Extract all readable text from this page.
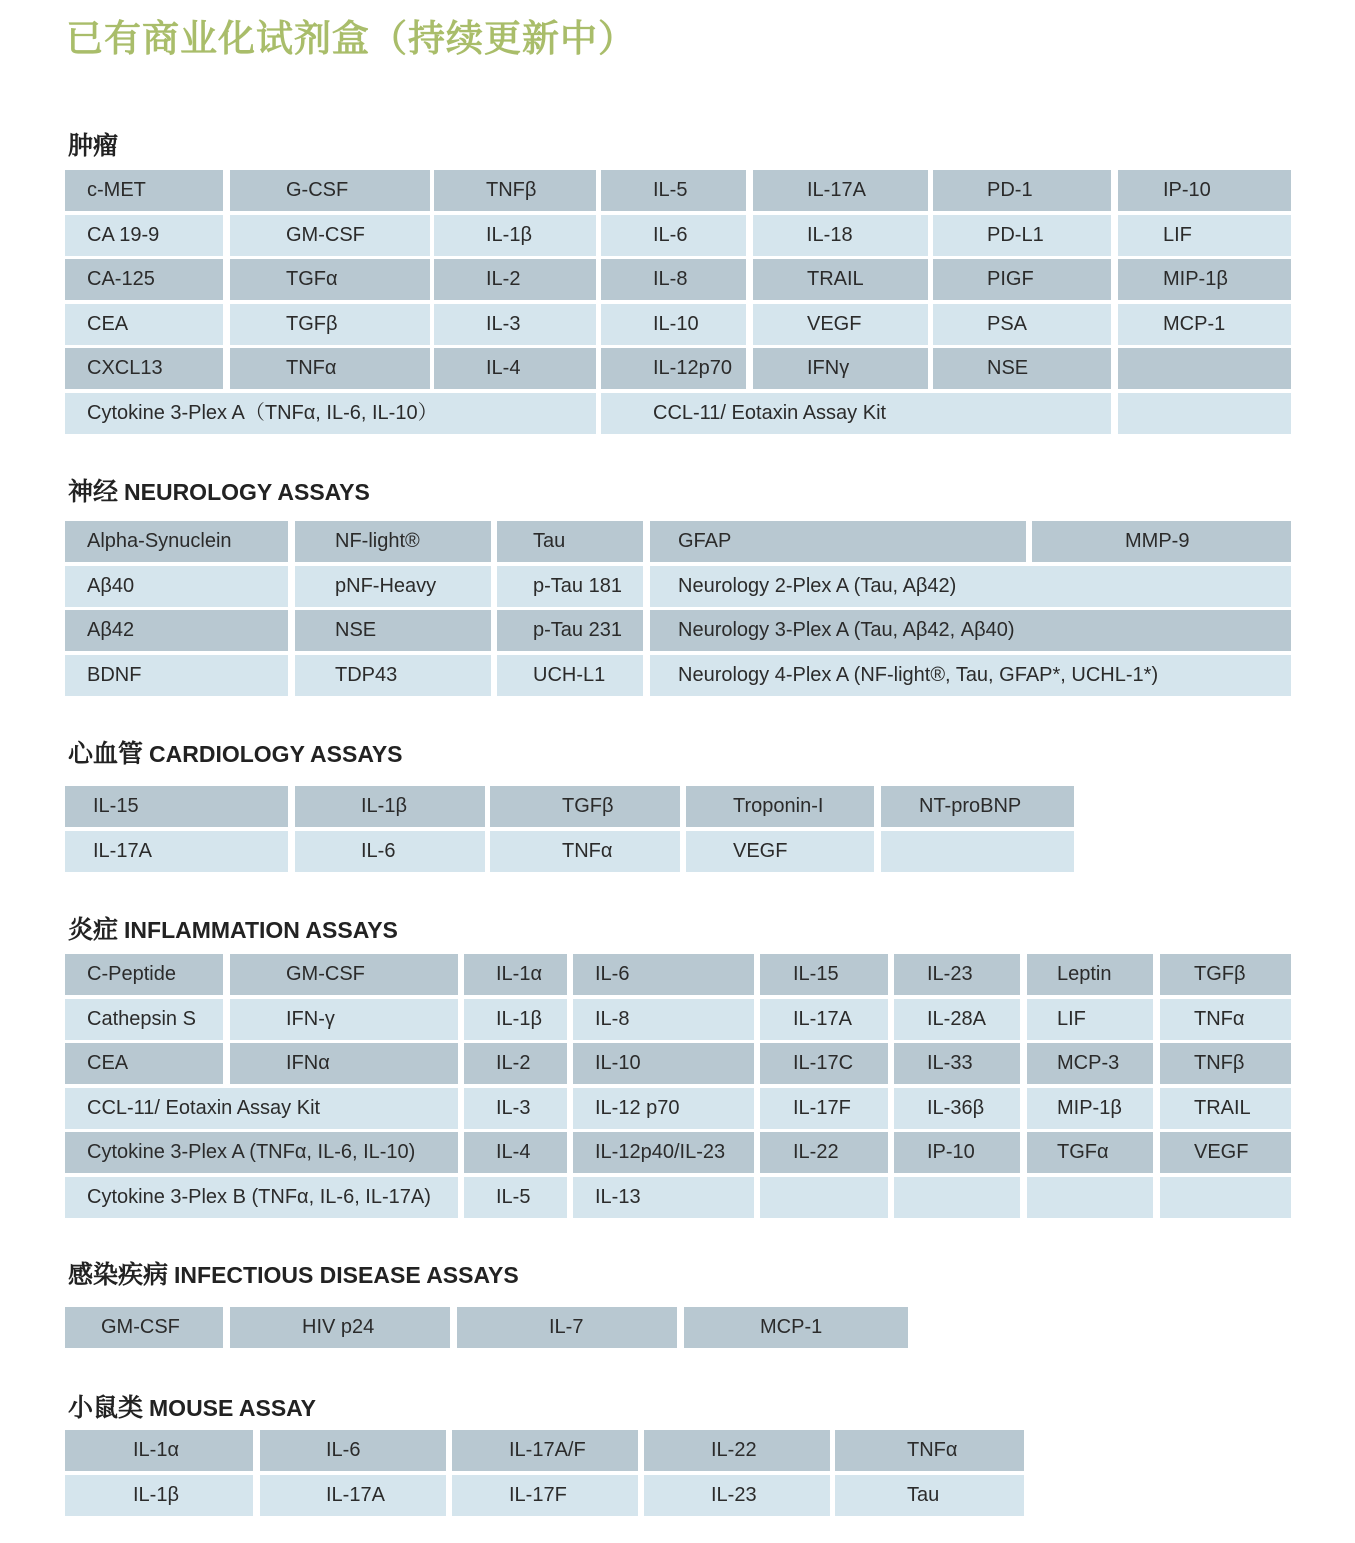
已有商业化试剂盒（持续更新中）
肿瘤
c-MET	G-CSF	TNFβ	IL-5	IL-17A	PD-1	IP-10
CA 19-9	GM-CSF	IL-1β	IL-6	IL-18	PD-L1	LIF
CA-125	TGFα	IL-2	IL-8	TRAIL	PIGF	MIP-1β
CEA	TGFβ	IL-3	IL-10	VEGF	PSA	MCP-1
CXCL13	TNFα	IL-4	IL-12p70	IFNγ	NSE
Cytokine 3-Plex A（TNFα, IL-6, IL-10）	CCL-11/ Eotaxin Assay Kit
神经 NEUROLOGY ASSAYS
Alpha-Synuclein	NF-light®	Tau	GFAP	MMP-9
Aβ40	pNF-Heavy	p-Tau 181	Neurology 2-Plex A (Tau, Aβ42)
Aβ42	NSE	p-Tau 231	Neurology 3-Plex A (Tau, Aβ42, Aβ40)
BDNF	TDP43	UCH-L1	Neurology 4-Plex A (NF-light®, Tau, GFAP*, UCHL-1*)
心血管 CARDIOLOGY ASSAYS
IL-15	IL-1β	TGFβ	Troponin-I	NT-proBNP
IL-17A	IL-6	TNFα	VEGF
炎症 INFLAMMATION ASSAYS
C-Peptide	GM-CSF	IL-1α	IL-6	IL-15	IL-23	Leptin	TGFβ
Cathepsin S	IFN-γ	IL-1β	IL-8	IL-17A	IL-28A	LIF	TNFα
CEA	IFNα	IL-2	IL-10	IL-17C	IL-33	MCP-3	TNFβ
CCL-11/ Eotaxin Assay Kit	IL-3	IL-12 p70	IL-17F	IL-36β	MIP-1β	TRAIL
Cytokine 3-Plex A (TNFα, IL-6, IL-10)	IL-4	IL-12p40/IL-23	IL-22	IP-10	TGFα	VEGF
Cytokine 3-Plex B (TNFα, IL-6, IL-17A)	IL-5	IL-13
感染疾病 INFECTIOUS DISEASE ASSAYS
GM-CSF	HIV p24	IL-7	MCP-1
小鼠类 MOUSE ASSAY
IL-1α	IL-6	IL-17A/F	IL-22	TNFα
IL-1β	IL-17A	IL-17F	IL-23	Tau
